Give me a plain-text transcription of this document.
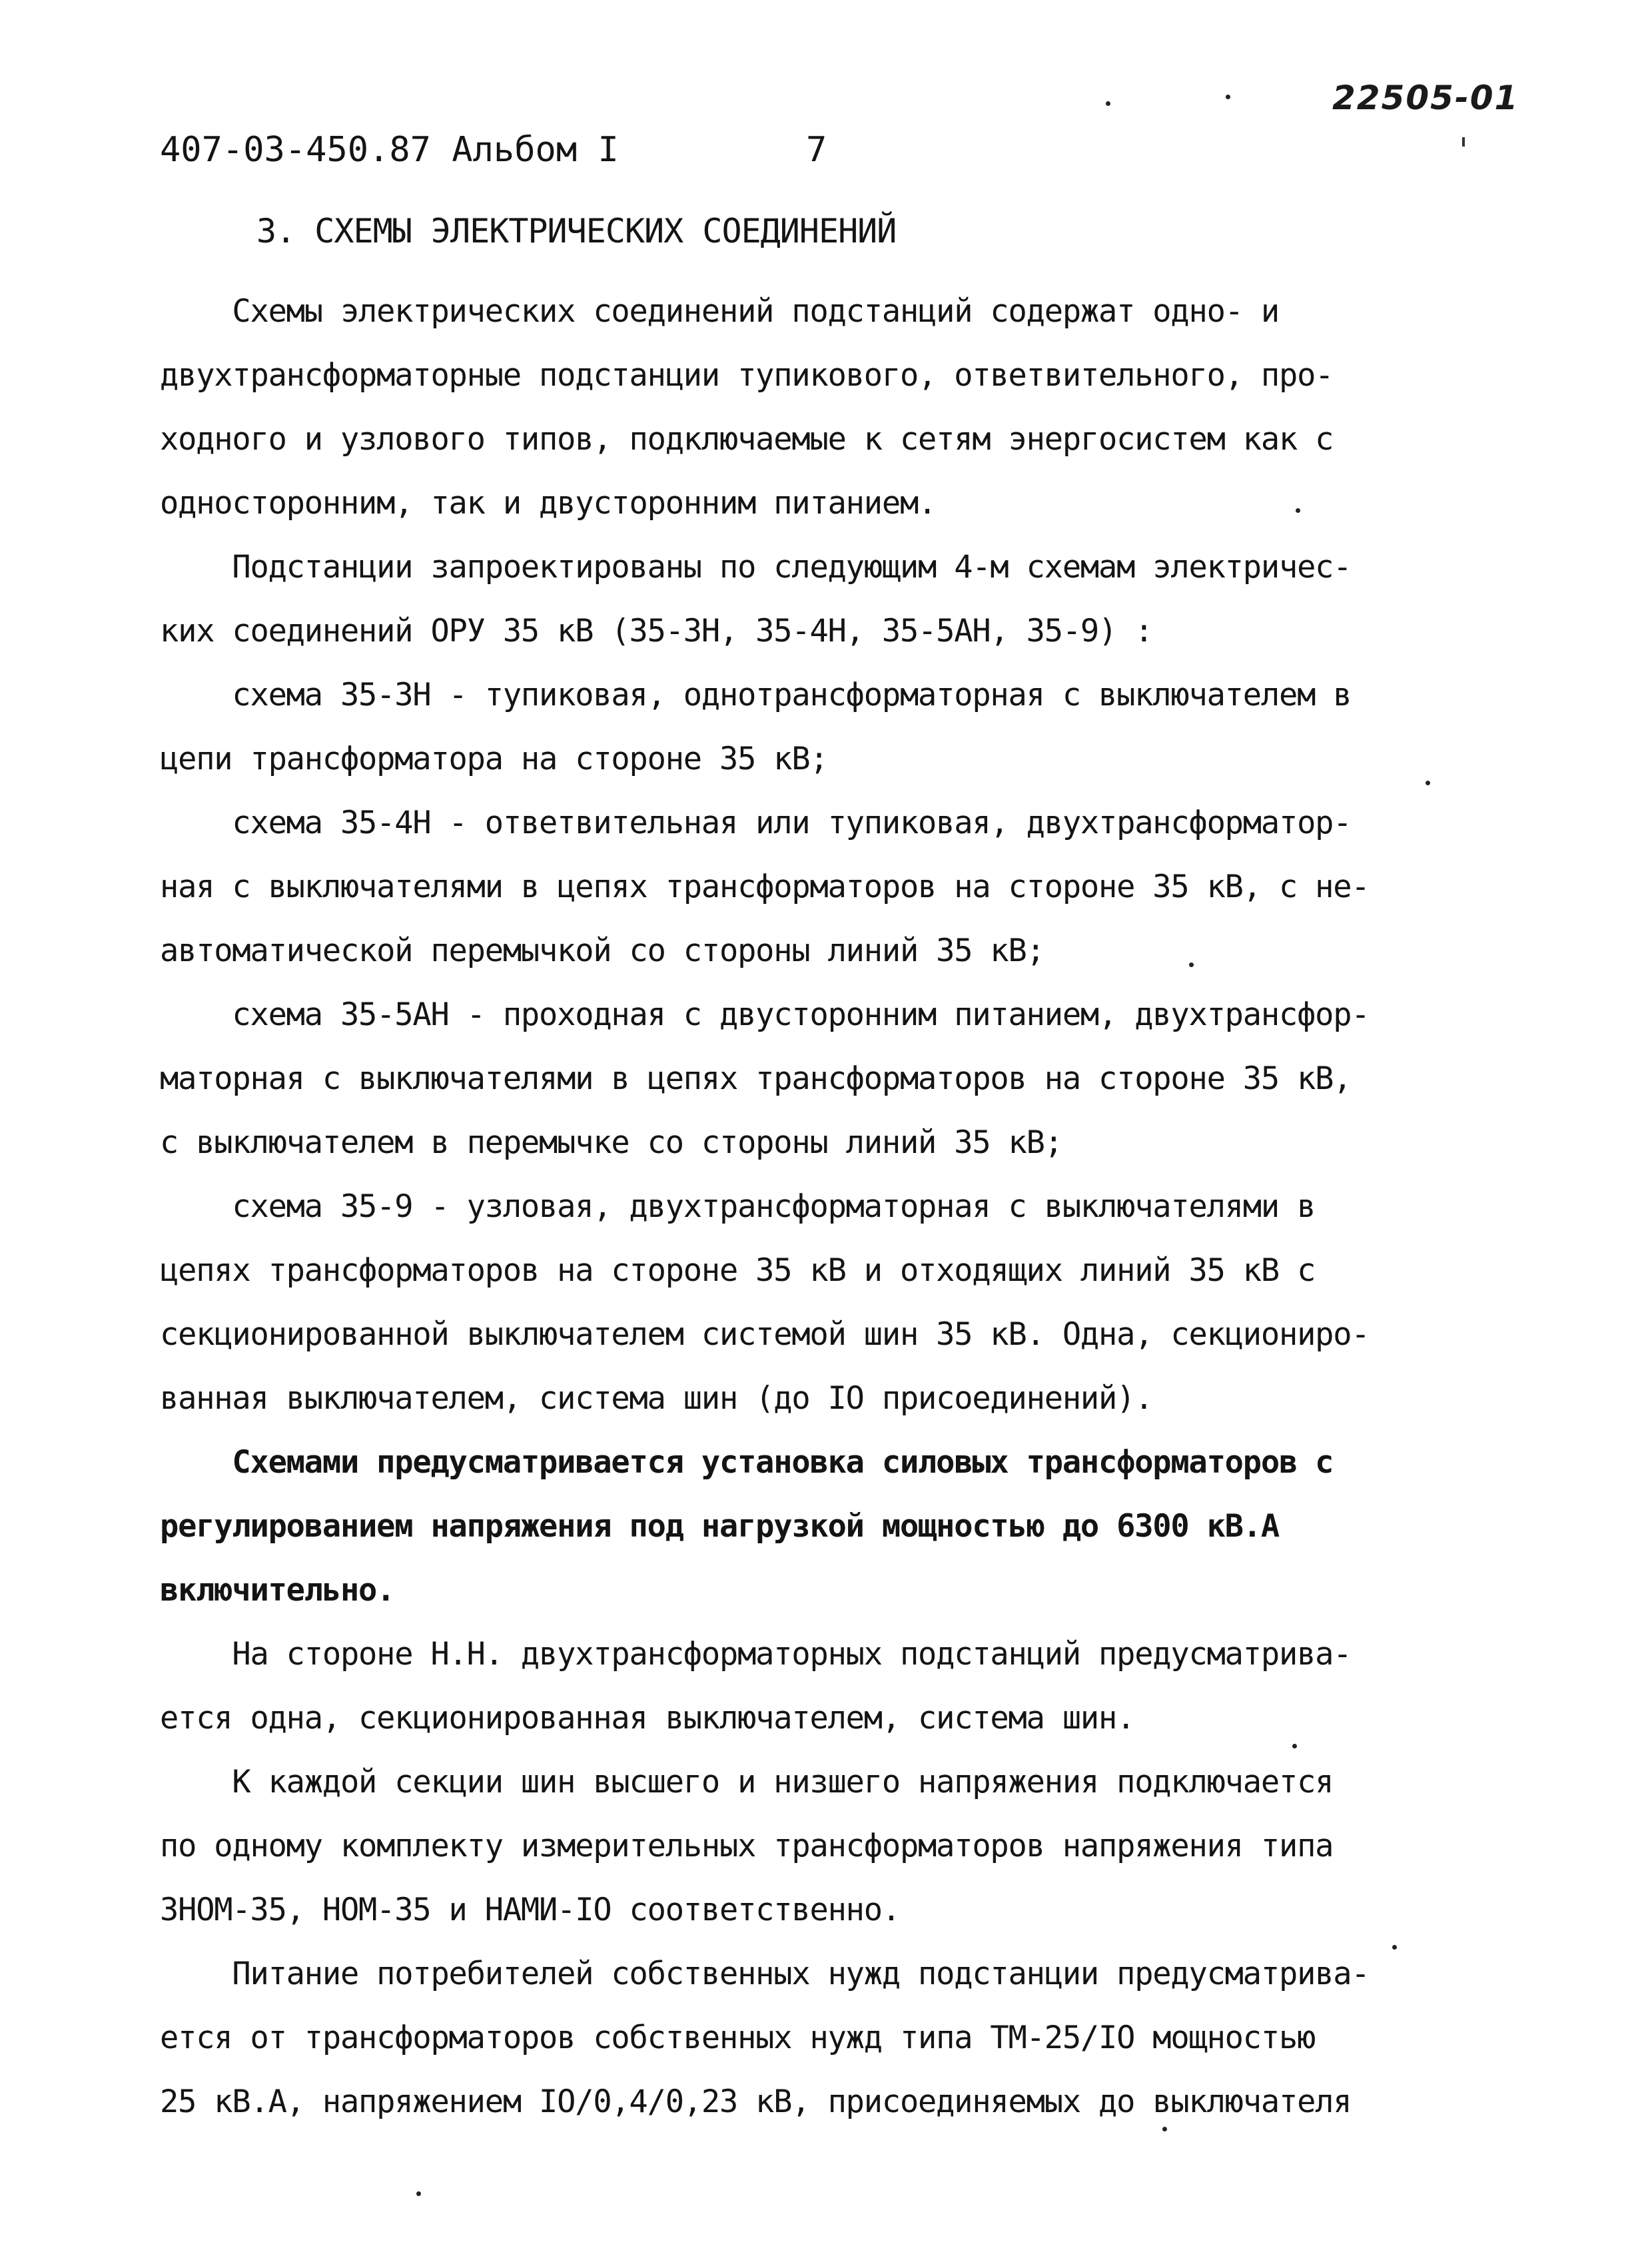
22505-01
407-03-450.87 Альбом I	7
3. СХЕМЫ ЭЛЕКТРИЧЕСКИХ СОЕДИНЕНИЙ
Схемы электрических соединений подстанций содержат одно- и
двухтрансформаторные подстанции тупикового, ответвительного, про-
ходного и узлового типов, подключаемые к сетям энергосистем как с
односторонним, так и двусторонним питанием.
Подстанции запроектированы по следующим 4-м схемам электричес-
ких соединений ОРУ 35 кВ (35-3Н, 35-4Н, 35-5АН, 35-9) :
схема 35-3Н - тупиковая, однотрансформаторная с выключателем в
цепи трансформатора на стороне 35 кВ;
схема 35-4Н - ответвительная или тупиковая, двухтрансформатор-
ная с выключателями в цепях трансформаторов на стороне 35 кВ, с не-
автоматической перемычкой со стороны линий 35 кВ;
схема 35-5АН - проходная с двусторонним питанием, двухтрансфор-
маторная с выключателями в цепях трансформаторов на стороне 35 кВ,
с выключателем в перемычке со стороны линий 35 кВ;
схема 35-9 - узловая, двухтрансформаторная с выключателями в
цепях трансформаторов на стороне 35 кВ и отходящих линий 35 кВ с
секционированной выключателем системой шин 35 кВ. Одна, секциониро-
ванная выключателем, система шин (до IO присоединений).
Схемами предусматривается установка силовых трансформаторов с
регулированием напряжения под нагрузкой мощностью до 6300 кВ.А
включительно.
На стороне Н.Н. двухтрансформаторных подстанций предусматрива-
ется одна, секционированная выключателем, система шин.
К каждой секции шин высшего и низшего напряжения подключается
по одному комплекту измерительных трансформаторов напряжения типа
ЗНОМ-35, НОМ-35 и НАМИ-IO соответственно.
Питание потребителей собственных нужд подстанции предусматрива-
ется от трансформаторов собственных нужд типа ТМ-25/IO мощностью
25 кВ.А, напряжением IO/0,4/0,23 кВ, присоединяемых до выключателя
